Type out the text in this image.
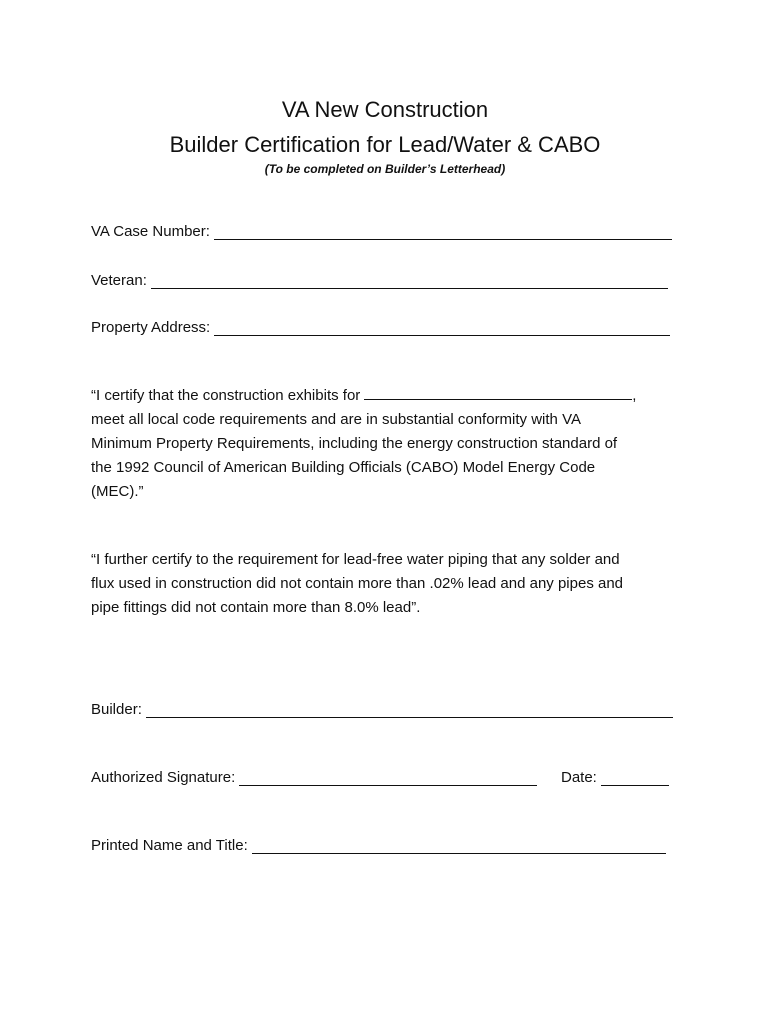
VA New Construction
Builder Certification for Lead/Water & CABO
(To be completed on Builder’s Letterhead)
VA Case Number:
Veteran:
Property Address:
“I certify that the construction exhibits for	,
meet all local code requirements and are in substantial conformity with VA
Minimum Property Requirements, including the energy construction standard of
the 1992 Council of American Building Officials (CABO) Model Energy Code
(MEC).”
“I further certify to the requirement for lead-free water piping that any solder and
flux used in construction did not contain more than .02% lead and any pipes and
pipe fittings did not contain more than 8.0% lead”.
Builder:
Authorized Signature:	Date:
Printed Name and Title:
